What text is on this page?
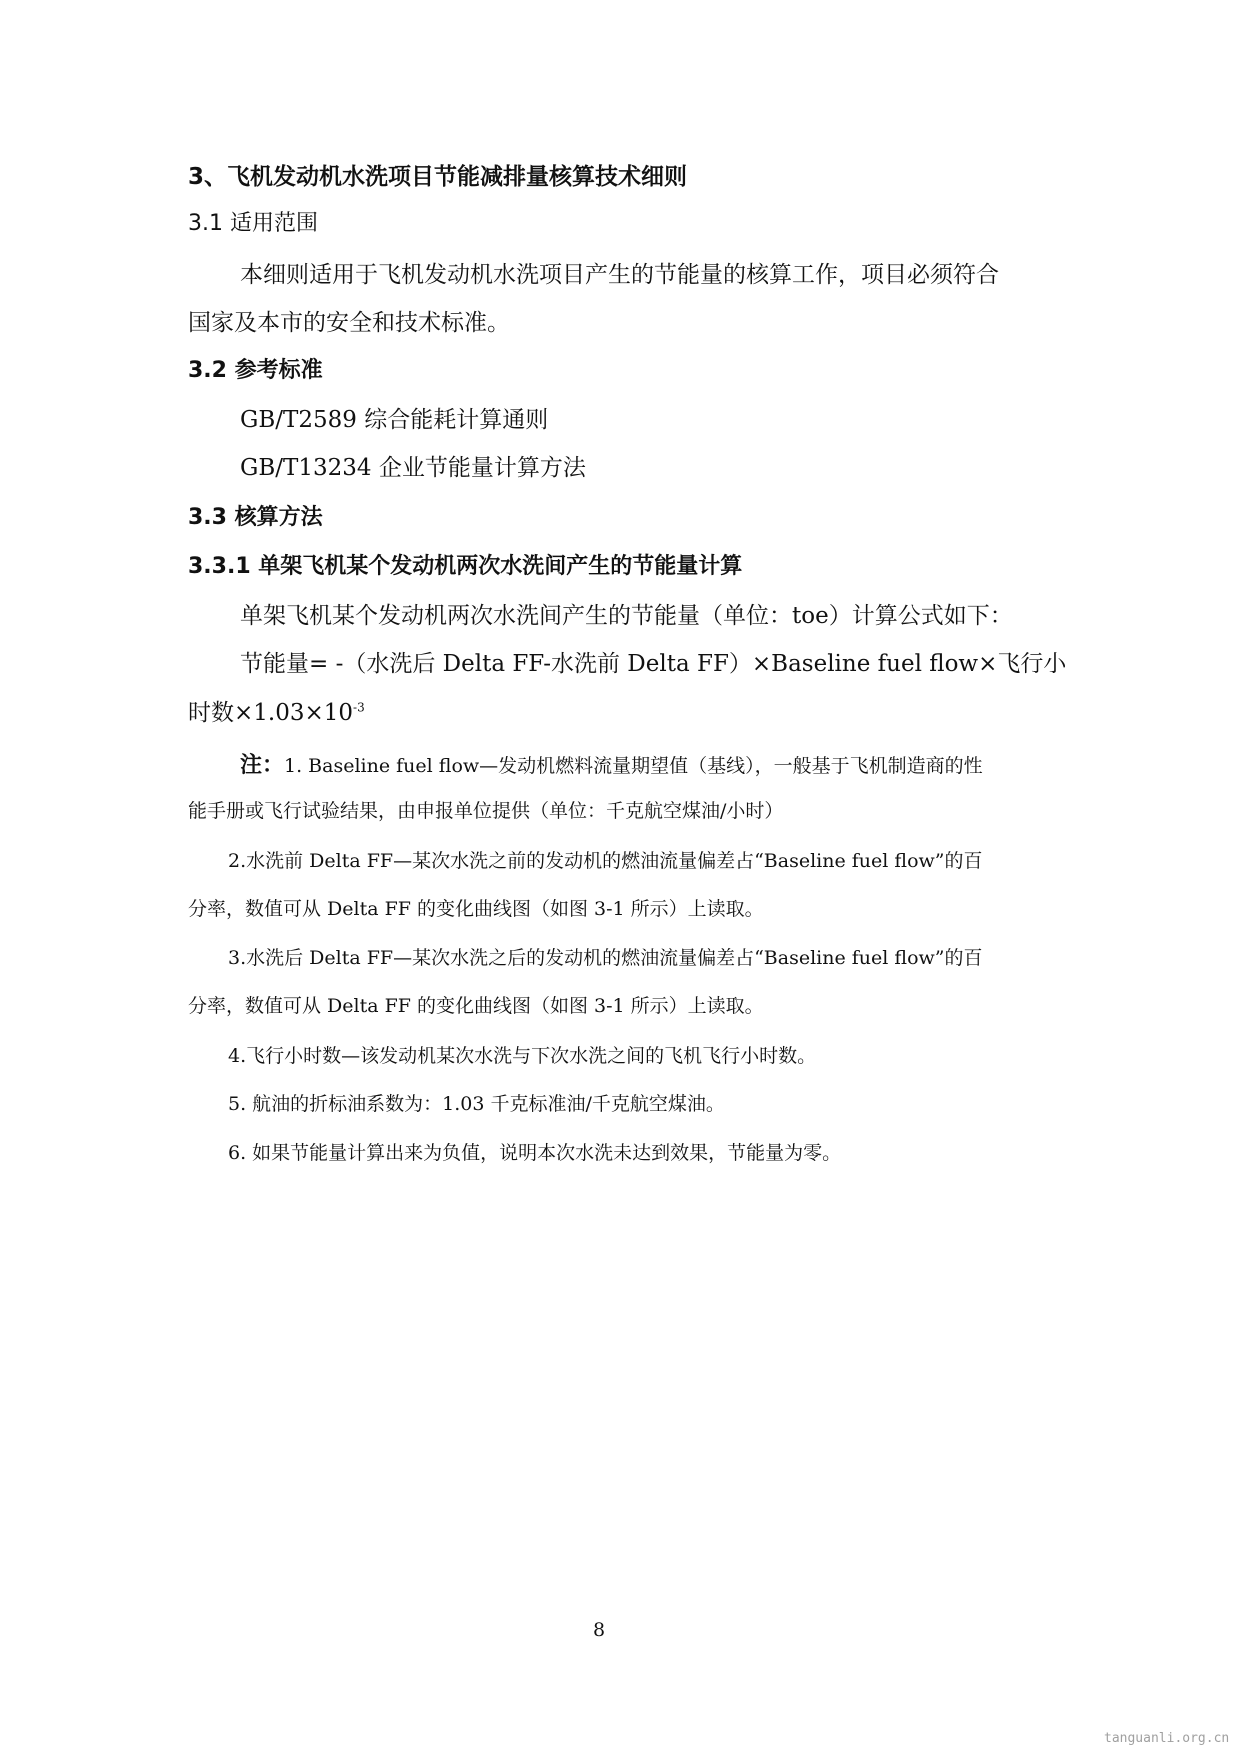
3、飞机发动机水洗项目节能减排量核算技术细则
3.1 适用范围
本细则适用于飞机发动机水洗项目产生的节能量的核算工作，项目必须符合
国家及本市的安全和技术标准。
3.2 参考标准
GB/T2589 综合能耗计算通则
GB/T13234 企业节能量计算方法
3.3 核算方法
3.3.1 单架飞机某个发动机两次水洗间产生的节能量计算
单架飞机某个发动机两次水洗间产生的节能量（单位：toe）计算公式如下：
节能量= -（水洗后 Delta FF-水洗前 Delta FF）×Baseline fuel flow×飞行小
时数$\times 1.03\times 10^{-3}$
注：1. Baseline fuel flow—发动机燃料流量期望值（基线），一般基于飞机制造商的性
能手册或飞行试验结果，由申报单位提供（单位：千克航空煤油/小时）
2.水洗前 Delta FF—某次水洗之前的发动机的燃油流量偏差占“Baseline fuel flow”的百
分率，数值可从 Delta FF 的变化曲线图（如图 3-1 所示）上读取。
3.水洗后 Delta FF—某次水洗之后的发动机的燃油流量偏差占“Baseline fuel flow”的百
分率，数值可从 Delta FF 的变化曲线图（如图 3-1 所示）上读取。
4.飞行小时数—该发动机某次水洗与下次水洗之间的飞机飞行小时数。
5. 航油的折标油系数为：1.03 千克标准油/千克航空煤油。
6. 如果节能量计算出来为负值，说明本次水洗未达到效果，节能量为零。
8
tanguanli.org.cn
